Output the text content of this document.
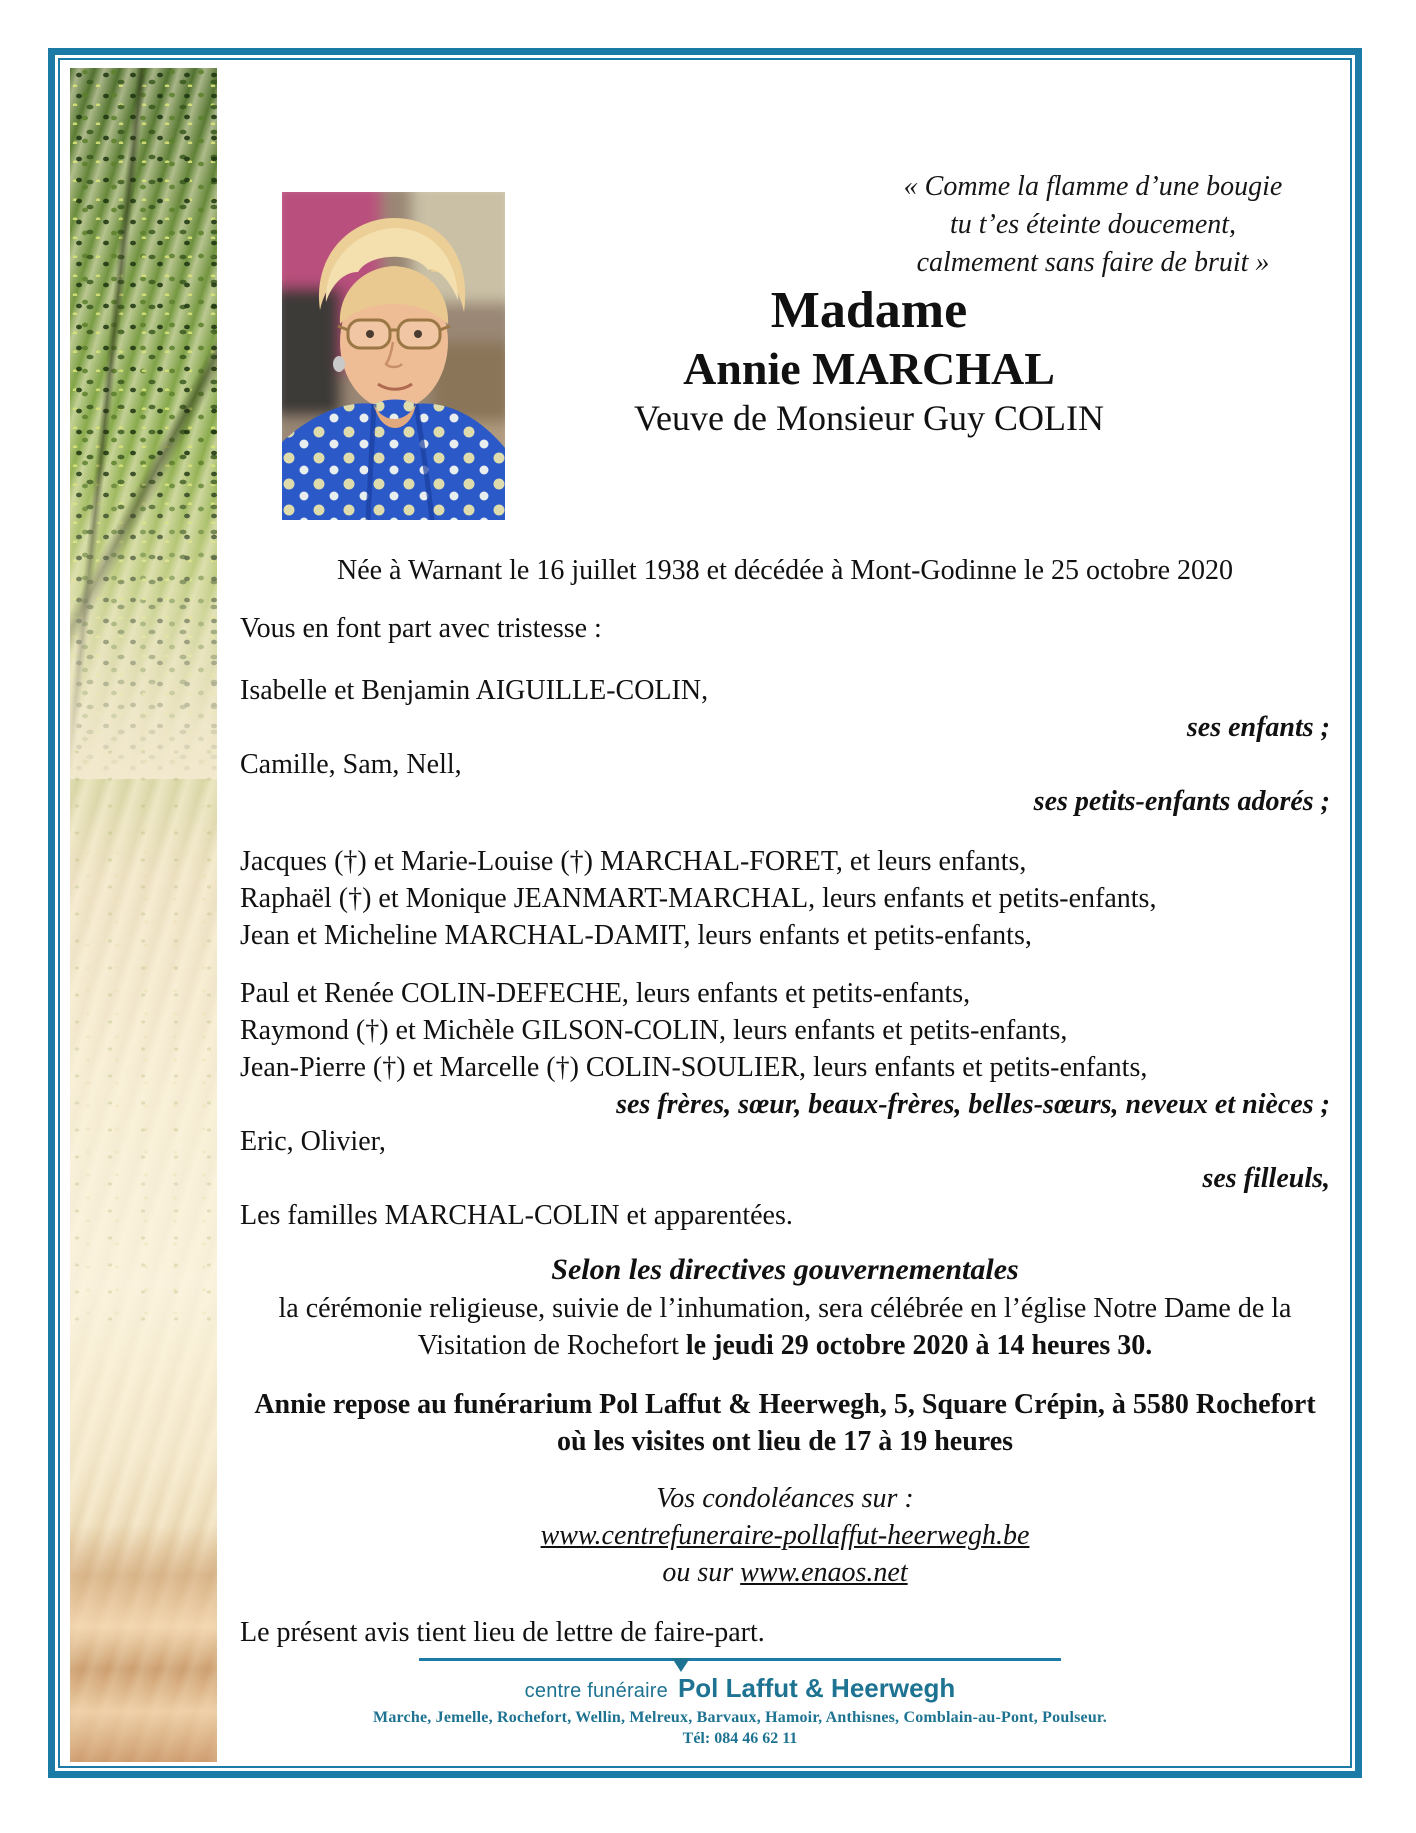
« Comme la flamme d’une bougie
tu t’es éteinte doucement,
calmement sans faire de bruit »
Madame
Annie MARCHAL
Veuve de Monsieur Guy COLIN
Née à Warnant le 16 juillet 1938 et décédée à Mont-Godinne le 25 octobre 2020
Vous en font part avec tristesse :
Isabelle et Benjamin AIGUILLE-COLIN,
ses enfants ;
Camille, Sam, Nell,
ses petits-enfants adorés ;
Jacques (†) et Marie-Louise (†) MARCHAL-FORET, et leurs enfants,
Raphaël (†) et Monique JEANMART-MARCHAL, leurs enfants et petits-enfants,
Jean et Micheline MARCHAL-DAMIT, leurs enfants et petits-enfants,
Paul et Renée COLIN-DEFECHE, leurs enfants et petits-enfants,
Raymond (†) et Michèle GILSON-COLIN, leurs enfants et petits-enfants,
Jean-Pierre (†) et Marcelle (†) COLIN-SOULIER, leurs enfants et petits-enfants,
ses frères, sœur, beaux-frères, belles-sœurs, neveux et nièces ;
Eric, Olivier,
ses filleuls,
Les familles MARCHAL-COLIN et apparentées.
Selon les directives gouvernementales
la cérémonie religieuse, suivie de l’inhumation, sera célébrée en l’église Notre Dame de la
Visitation de Rochefort le jeudi 29 octobre 2020 à 14 heures 30.
Annie repose au funérarium Pol Laffut & Heerwegh, 5, Square Crépin, à 5580 Rochefort
où les visites ont lieu de 17 à 19 heures
Vos condoléances sur :
www.centrefuneraire-pollaffut-heerwegh.be
ou sur www.enaos.net
Le présent avis tient lieu de lettre de faire-part.
centre funéraire Pol Laffut & Heerwegh
Marche, Jemelle, Rochefort, Wellin, Melreux, Barvaux, Hamoir, Anthisnes, Comblain-au-Pont, Poulseur.
Tél: 084 46 62 11
